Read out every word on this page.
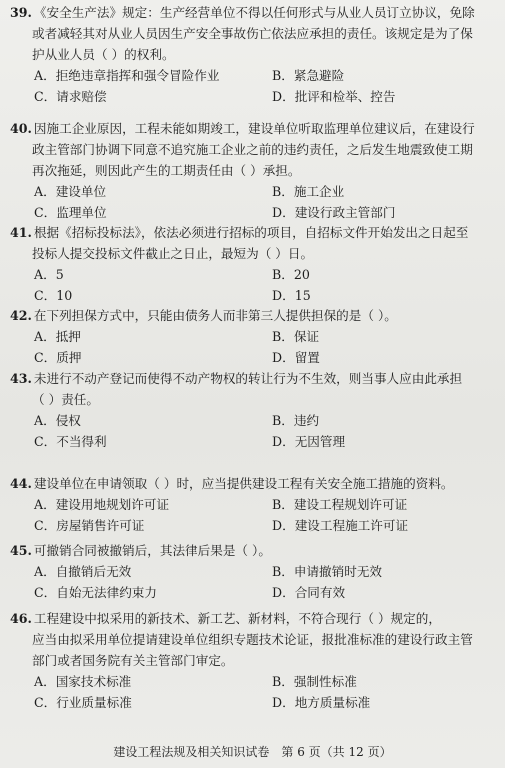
39. 《安全生产法》规定：生产经营单位不得以任何形式与从业人员订立协议，免除
或者减轻其对从业人员因生产安全事故伤亡依法应承担的责任。该规定是为了保
护从业人员（ ）的权利。
A．拒绝违章指挥和强令冒险作业	B．紧急避险
C．请求赔偿	D．批评和检举、控告
40. 因施工企业原因，工程未能如期竣工，建设单位听取监理单位建议后，在建设行
政主管部门协调下同意不追究施工企业之前的违约责任，之后发生地震致使工期
再次拖延，则因此产生的工期责任由（ ）承担。
A．建设单位	B．施工企业
C．监理单位	D．建设行政主管部门
41. 根据《招标投标法》，依法必须进行招标的项目，自招标文件开始发出之日起至
投标人提交投标文件截止之日止，最短为（ ）日。
A．5	B．20
C．10	D．15
42. 在下列担保方式中，只能由债务人而非第三人提供担保的是（ ）。
A．抵押	B．保证
C．质押	D．留置
43. 未进行不动产登记而使得不动产物权的转让行为不生效，则当事人应由此承担
（ ）责任。
A．侵权	B．违约
C．不当得利	D．无因管理
44. 建设单位在申请领取（ ）时，应当提供建设工程有关安全施工措施的资料。
A．建设用地规划许可证	B．建设工程规划许可证
C．房屋销售许可证	D．建设工程施工许可证
45. 可撤销合同被撤销后，其法律后果是（ ）。
A．自撤销后无效	B．申请撤销时无效
C．自始无法律约束力	D．合同有效
46. 工程建设中拟采用的新技术、新工艺、新材料，不符合现行（ ）规定的，
应当由拟采用单位提请建设单位组织专题技术论证，报批准标准的建设行政主管
部门或者国务院有关主管部门审定。
A．国家技术标准	B．强制性标准
C．行业质量标准	D．地方质量标准
建设工程法规及相关知识试卷　第 6 页（共 12 页）
